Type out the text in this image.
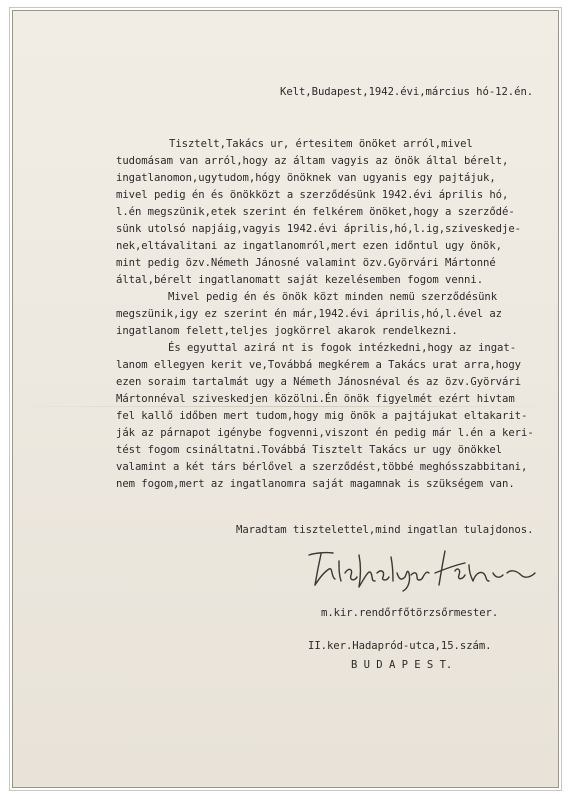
Kelt,Budapest,1942.évi,március hó-12.én.
Tisztelt,Takács ur, értesitem önöket arról,mivel
tudomásam van arról,hogy az áltam vagyis az önök által bérelt,
ingatlanomon,ugytudom,hógy önöknek van ugyanis egy pajtájuk,
mivel pedig én és önökközt a szerződésünk 1942.évi április hó,
l.én megszünik,etek szerint én felkérem önöket,hogy a szerződé-
sünk utolsó napjáig,vagyis 1942.évi április,hó,l.ig,sziveskedje-
nek,eltávalitani az ingatlanomról,mert ezen időntul ugy önök,
mint pedig özv.Németh Jánosné valamint özv.Györvári Mártonné
által,bérelt ingatlanomatt saját kezelésemben fogom venni.
Mivel pedig én és önök közt minden nemü szerződésünk
megszünik,igy ez szerint én már,1942.évi április,hó,l.ével az
ingatlanom felett,teljes jogkörrel akarok rendelkezni.
És egyuttal azirá nt is fogok intézkedni,hogy az ingat-
lanom ellegyen kerit ve,Továbbá megkérem a Takács urat arra,hogy
ezen soraim tartalmát ugy a Németh Jánosnéval és az özv.Györvári
Mártonnéval sziveskedjen közölni.Én önök figyelmét ezért hivtam
fel kallő időben mert tudom,hogy mig önök a pajtájukat eltakarit-
ják az párnapot igénybe fogvenni,viszont én pedig már l.én a keri-
tést fogom csináltatni.Továbbá Tisztelt Takács ur ugy önökkel
valamint a két társ bérlővel a szerződést,többé meghósszabbitani,
nem fogom,mert az ingatlanomra saját magamnak is szükségem van.
Maradtam tisztelettel,mind ingatlan tulajdonos.
m.kir.rendőrfőtörzsőrmester.
II.ker.Hadapród-utca,15.szám.
B U D A P E S T.
